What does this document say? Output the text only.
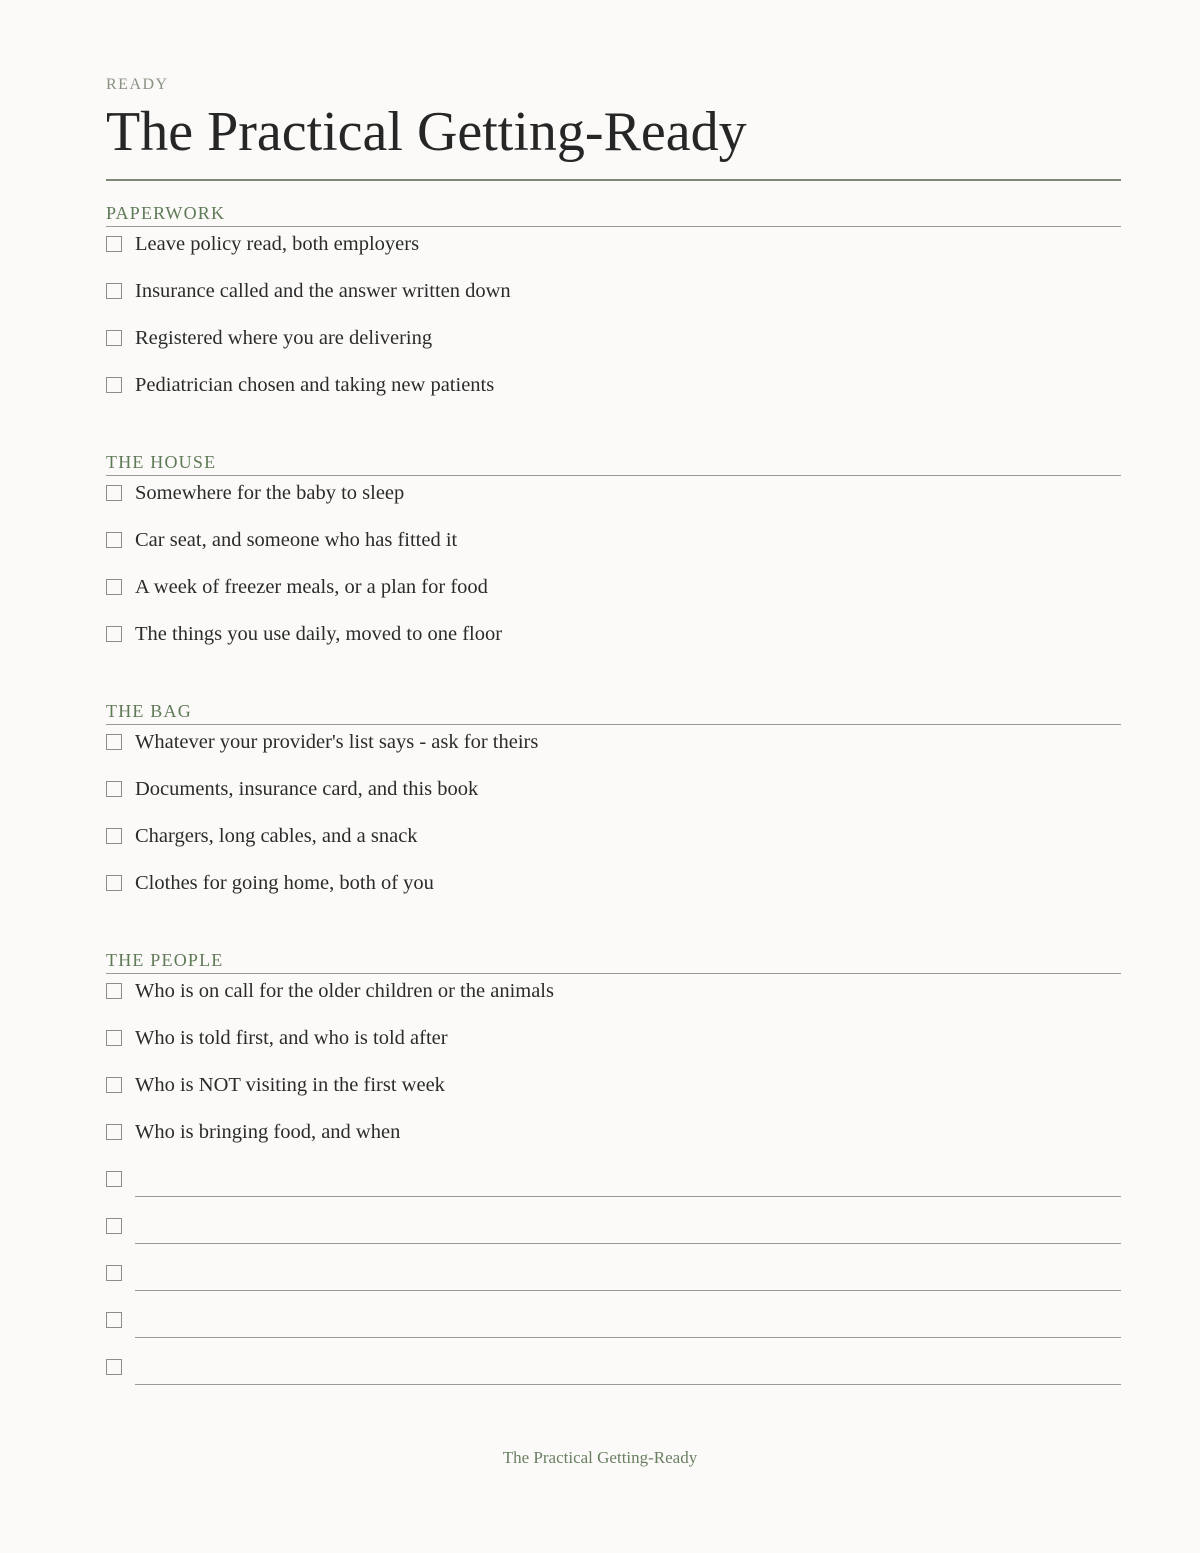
READY
The Practical Getting-Ready
PAPERWORK
Leave policy read, both employers
Insurance called and the answer written down
Registered where you are delivering
Pediatrician chosen and taking new patients
THE HOUSE
Somewhere for the baby to sleep
Car seat, and someone who has fitted it
A week of freezer meals, or a plan for food
The things you use daily, moved to one floor
THE BAG
Whatever your provider's list says - ask for theirs
Documents, insurance card, and this book
Chargers, long cables, and a snack
Clothes for going home, both of you
THE PEOPLE
Who is on call for the older children or the animals
Who is told first, and who is told after
Who is NOT visiting in the first week
Who is bringing food, and when
The Practical Getting-Ready
